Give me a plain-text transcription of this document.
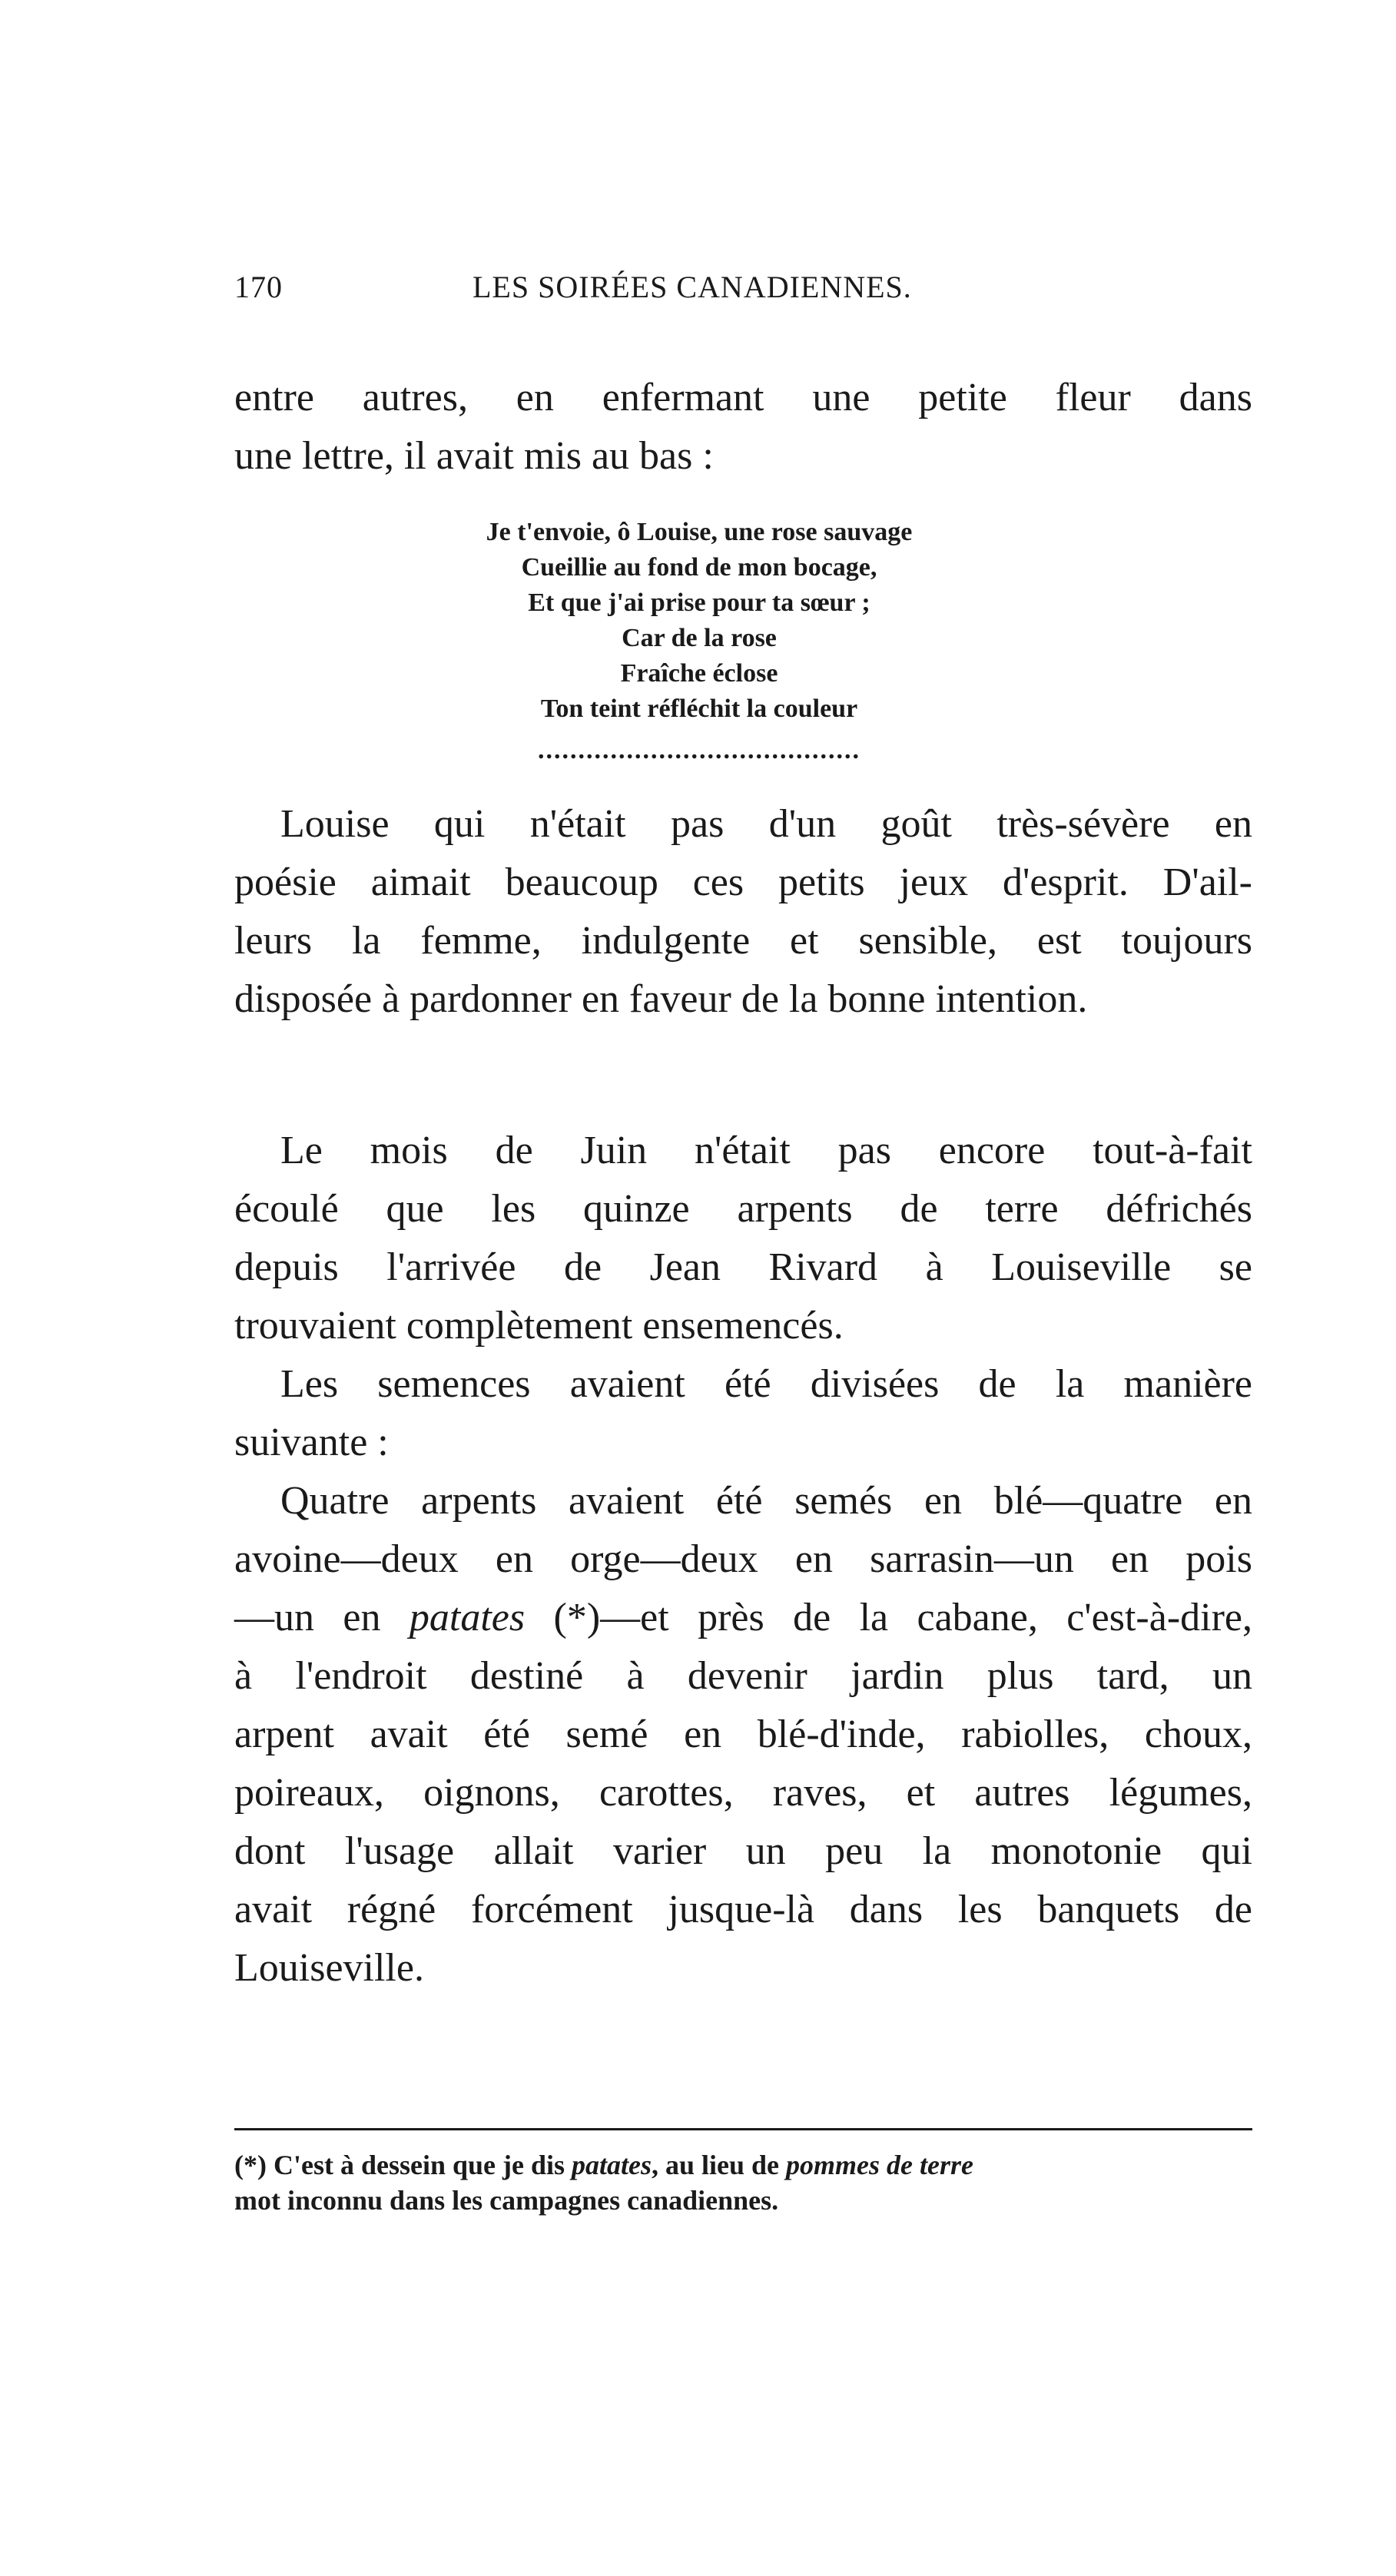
170	LES SOIRÉES CANADIENNES.

entre autres, en enfermant une petite fleur dans
une lettre, il avait mis au bas :

Je t'envoie, ô Louise, une rose sauvage
Cueillie au fond de mon bocage,
Et que j'ai prise pour ta sœur ;
Car de la rose
Fraîche éclose
Ton teint réfléchit la couleur
........................................

Louise qui n'était pas d'un goût très-sévère en
poésie aimait beaucoup ces petits jeux d'esprit. D'ail-
leurs la femme, indulgente et sensible, est toujours
disposée à pardonner en faveur de la bonne intention.

Le mois de Juin n'était pas encore tout-à-fait
écoulé que les quinze arpents de terre défrichés
depuis l'arrivée de Jean Rivard à Louiseville se
trouvaient complètement ensemencés.

Les semences avaient été divisées de la manière
suivante :

Quatre arpents avaient été semés en blé—quatre en
avoine—deux en orge—deux en sarrasin—un en pois
—un en patates (*)—et près de la cabane, c'est-à-dire,
à l'endroit destiné à devenir jardin plus tard, un
arpent avait été semé en blé-d'inde, rabiolles, choux,
poireaux, oignons, carottes, raves, et autres légumes,
dont l'usage allait varier un peu la monotonie qui
avait régné forcément jusque-là dans les banquets de
Louiseville.

(*) C'est à dessein que je dis patates, au lieu de pommes de terre
mot inconnu dans les campagnes canadiennes.
